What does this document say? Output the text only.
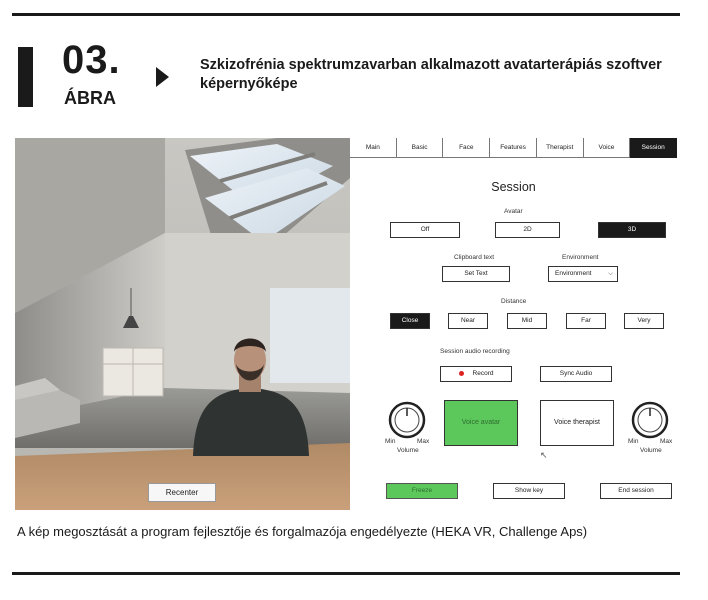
03.
ÁBRA
Szkizofrénia spektrumzavarban alkalmazott avatarterápiás szoftver képernyőképe
Recenter
Main	Basic	Face	Features	Therapist	Voice	Session
Session
Avatar
Off	2D	3D
Clipboard text
Set Text
Environment
Environment	⌵
Distance
Close	Near	Mid	Far	Very
Session audio recording
Record	Sync Audio
Min	Max
Volume
Voice avatar	Voice therapist
↖
Min	Max
Volume
Freeze	Show key	End session
A kép megosztását a program fejlesztője és forgalmazója engedélyezte (HEKA VR, Challenge Aps)
